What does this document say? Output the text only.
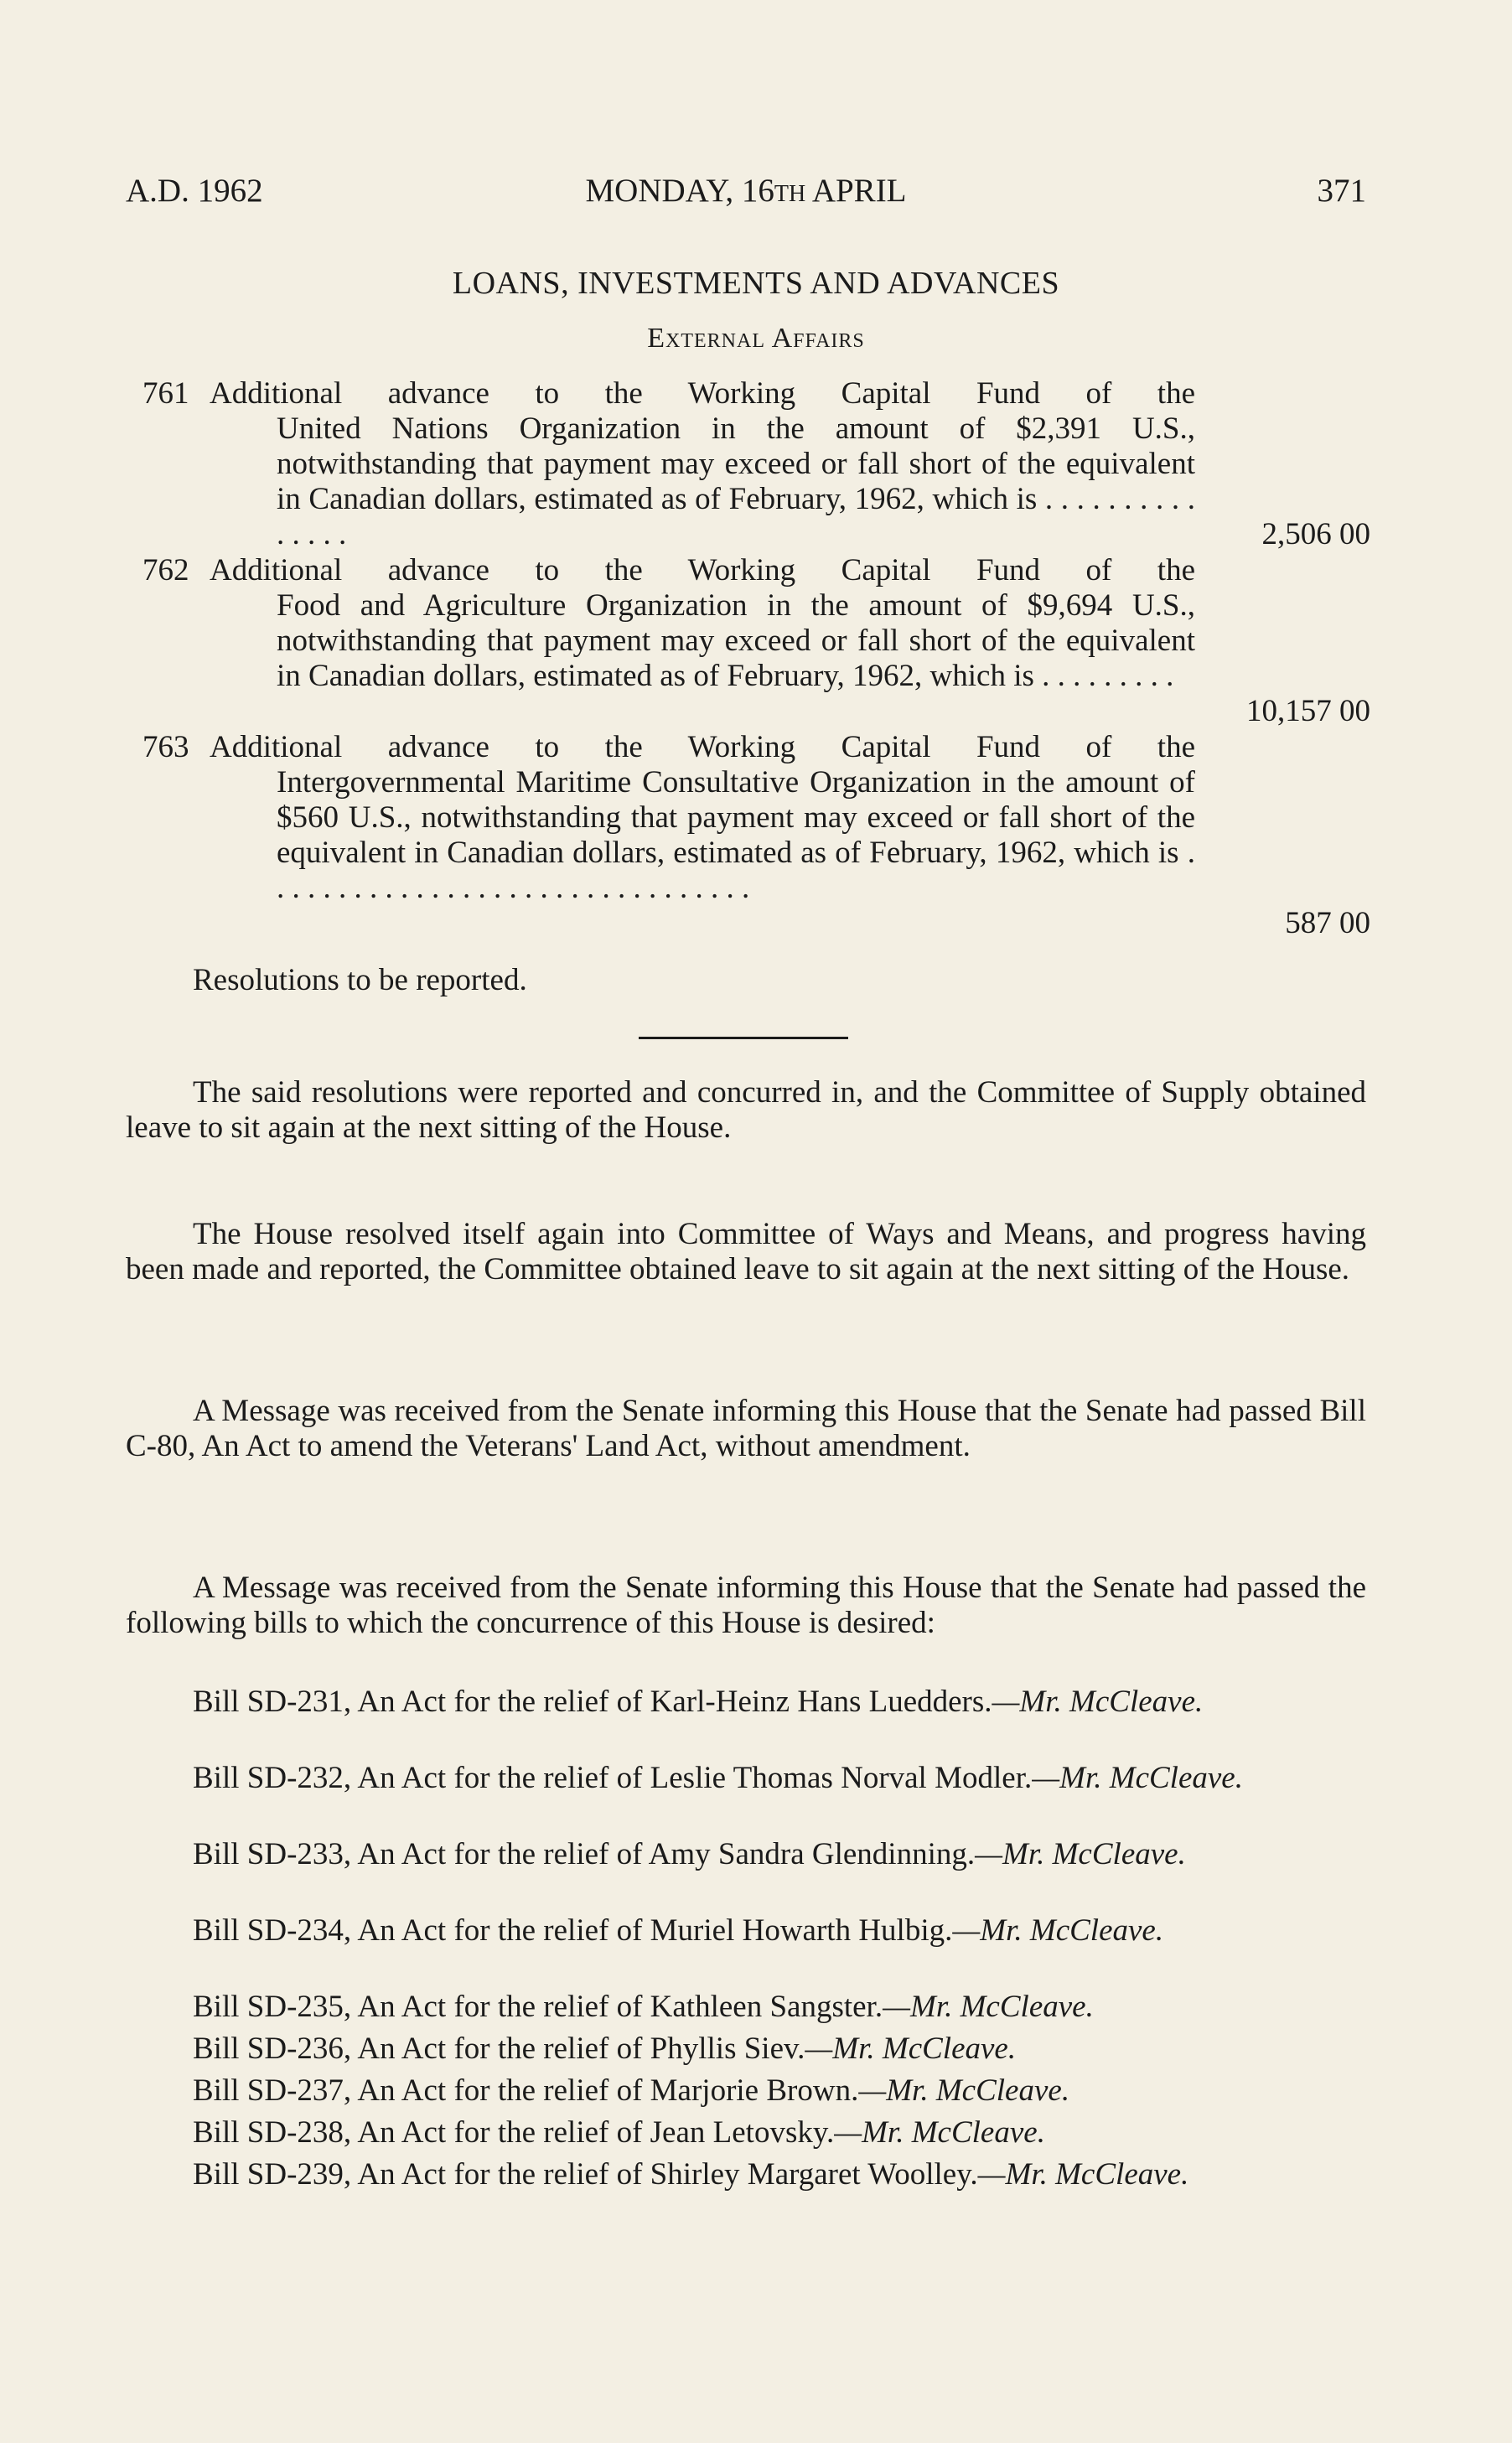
A.D. 1962	MONDAY, 16TH APRIL	371
LOANS, INVESTMENTS AND ADVANCES
External Affairs
761 Additional advance to the Working Capital Fund of the
United Nations Organization in the amount of $2,391 U.S., notwithstanding that payment may exceed or fall short of the equivalent in Canadian dollars, estimated as of February, 1962, which is . . . . . . . . . . . . . . .	2,506 00
762 Additional advance to the Working Capital Fund of the
Food and Agriculture Organization in the amount of $9,694 U.S., notwithstanding that payment may exceed or fall short of the equivalent in Canadian dollars, estimated as of February, 1962, which is . . . . . . . . .
10,157 00
763 Additional advance to the Working Capital Fund of the
Intergovernmental Maritime Consultative Organization in the amount of $560 U.S., notwithstanding that payment may exceed or fall short of the equivalent in Canadian dollars, estimated as of February, 1962, which is . . . . . . . . . . . . . . . . . . . . . . . . . . . . . . . .
587 00
Resolutions to be reported.
The said resolutions were reported and concurred in, and the Committee of Supply obtained leave to sit again at the next sitting of the House.
The House resolved itself again into Committee of Ways and Means, and progress having been made and reported, the Committee obtained leave to sit again at the next sitting of the House.
A Message was received from the Senate informing this House that the Senate had passed Bill C-80, An Act to amend the Veterans' Land Act, without amendment.
A Message was received from the Senate informing this House that the Senate had passed the following bills to which the concurrence of this House is desired:
Bill SD-231, An Act for the relief of Karl-Heinz Hans Luedders.—Mr. McCleave.
Bill SD-232, An Act for the relief of Leslie Thomas Norval Modler.—Mr. McCleave.
Bill SD-233, An Act for the relief of Amy Sandra Glendinning.—Mr. McCleave.
Bill SD-234, An Act for the relief of Muriel Howarth Hulbig.—Mr. McCleave.
Bill SD-235, An Act for the relief of Kathleen Sangster.—Mr. McCleave.
Bill SD-236, An Act for the relief of Phyllis Siev.—Mr. McCleave.
Bill SD-237, An Act for the relief of Marjorie Brown.—Mr. McCleave.
Bill SD-238, An Act for the relief of Jean Letovsky.—Mr. McCleave.
Bill SD-239, An Act for the relief of Shirley Margaret Woolley.—Mr. McCleave.
